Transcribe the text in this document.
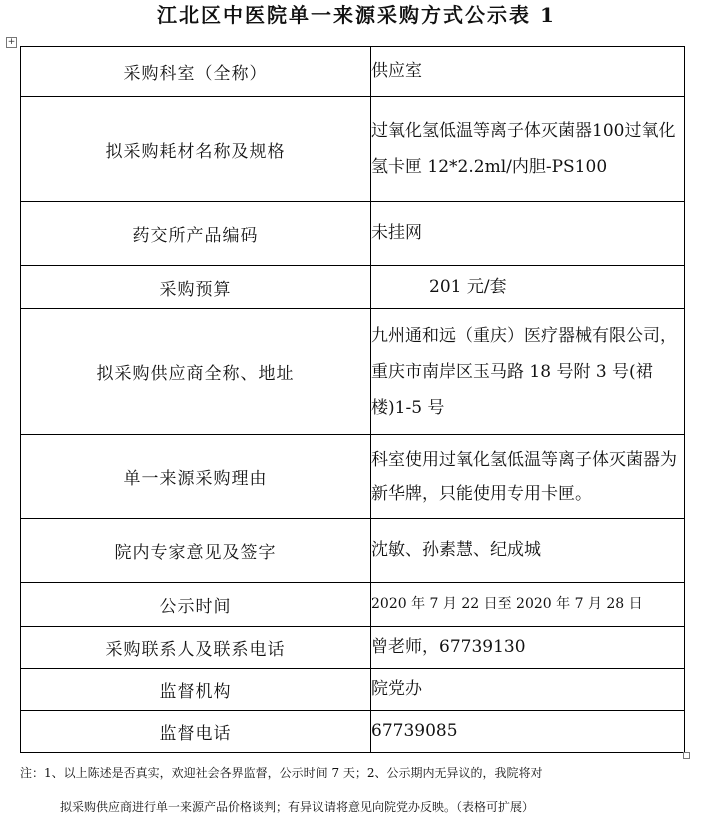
江北区中医院单一来源采购方式公示表 1
+
采购科室（全称）	供应室
拟采购耗材名称及规格	过氧化氢低温等离子体灭菌器100过氧化氢卡匣 12*2.2ml/内胆-PS100
药交所产品编码	未挂网
采购预算	201 元/套
拟采购供应商全称、地址	九州通和远（重庆）医疗器械有限公司，重庆市南岸区玉马路 18 号附 3 号(裙楼)1-5 号
单一来源采购理由	科室使用过氧化氢低温等离子体灭菌器为新华牌，只能使用专用卡匣。
院内专家意见及签字	沈敏、孙素慧、纪成城
公示时间	2020 年 7 月 22 日至 2020 年 7 月 28 日
采购联系人及联系电话	曾老师，67739130
监督机构	院党办
监督电话	67739085

注：1、以上陈述是否真实，欢迎社会各界监督，公示时间 7 天；2、公示期内无异议的，我院将对

拟采购供应商进行单一来源产品价格谈判；有异议请将意见向院党办反映。（表格可扩展）
